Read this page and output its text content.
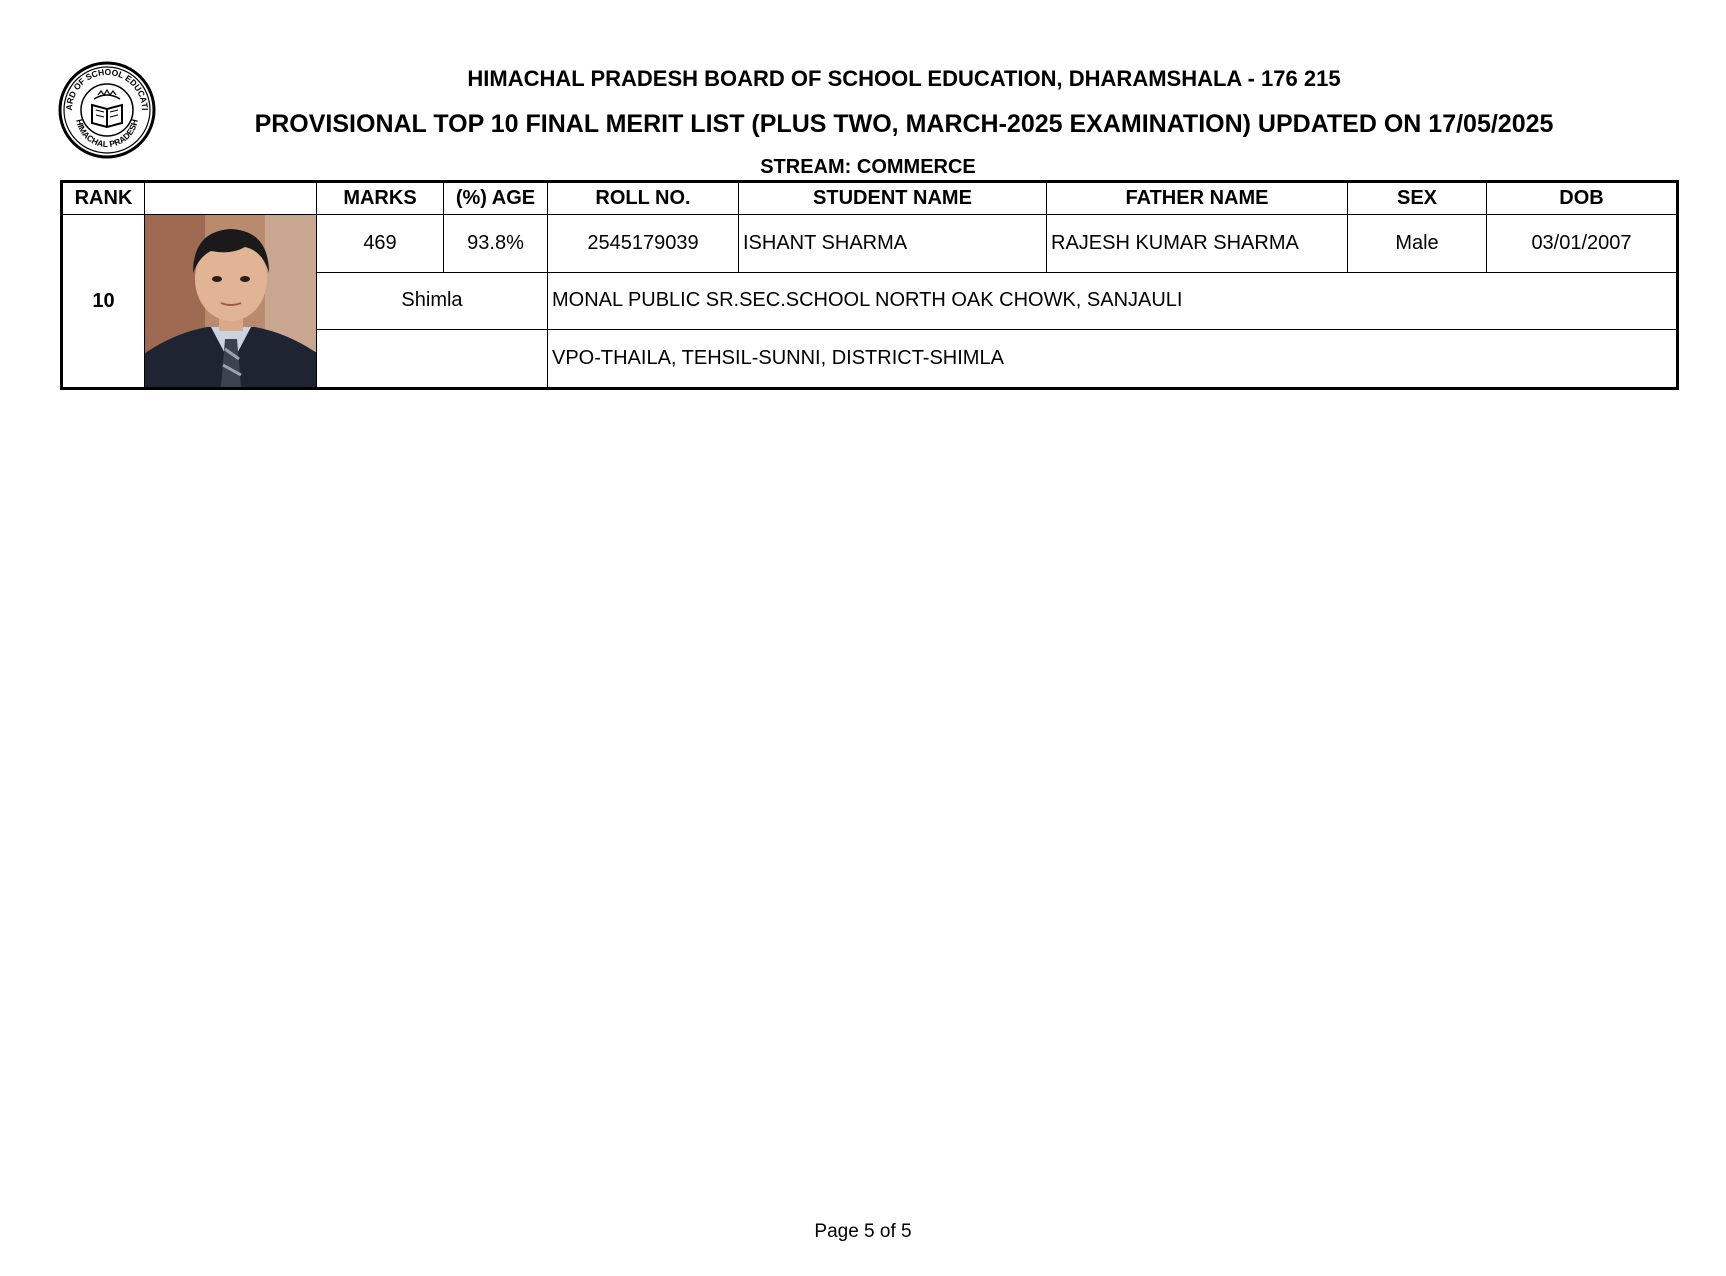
ARD OF SCHOOL EDUCATI
HIMACHAL PRADESH
HIMACHAL PRADESH BOARD OF SCHOOL EDUCATION, DHARAMSHALA - 176 215
PROVISIONAL TOP 10 FINAL MERIT LIST (PLUS TWO, MARCH-2025 EXAMINATION) UPDATED ON 17/05/2025
STREAM: COMMERCE
RANK		MARKS	(%) AGE	ROLL NO.	STUDENT NAME	FATHER NAME	SEX	DOB
10		469	93.8%	2545179039	ISHANT SHARMA	RAJESH KUMAR SHARMA	Male	03/01/2007
		Shimla		MONAL PUBLIC SR.SEC.SCHOOL NORTH OAK CHOWK, SANJAULI				
				VPO-THAILA, TEHSIL-SUNNI, DISTRICT-SHIMLA				
Page 5 of 5
